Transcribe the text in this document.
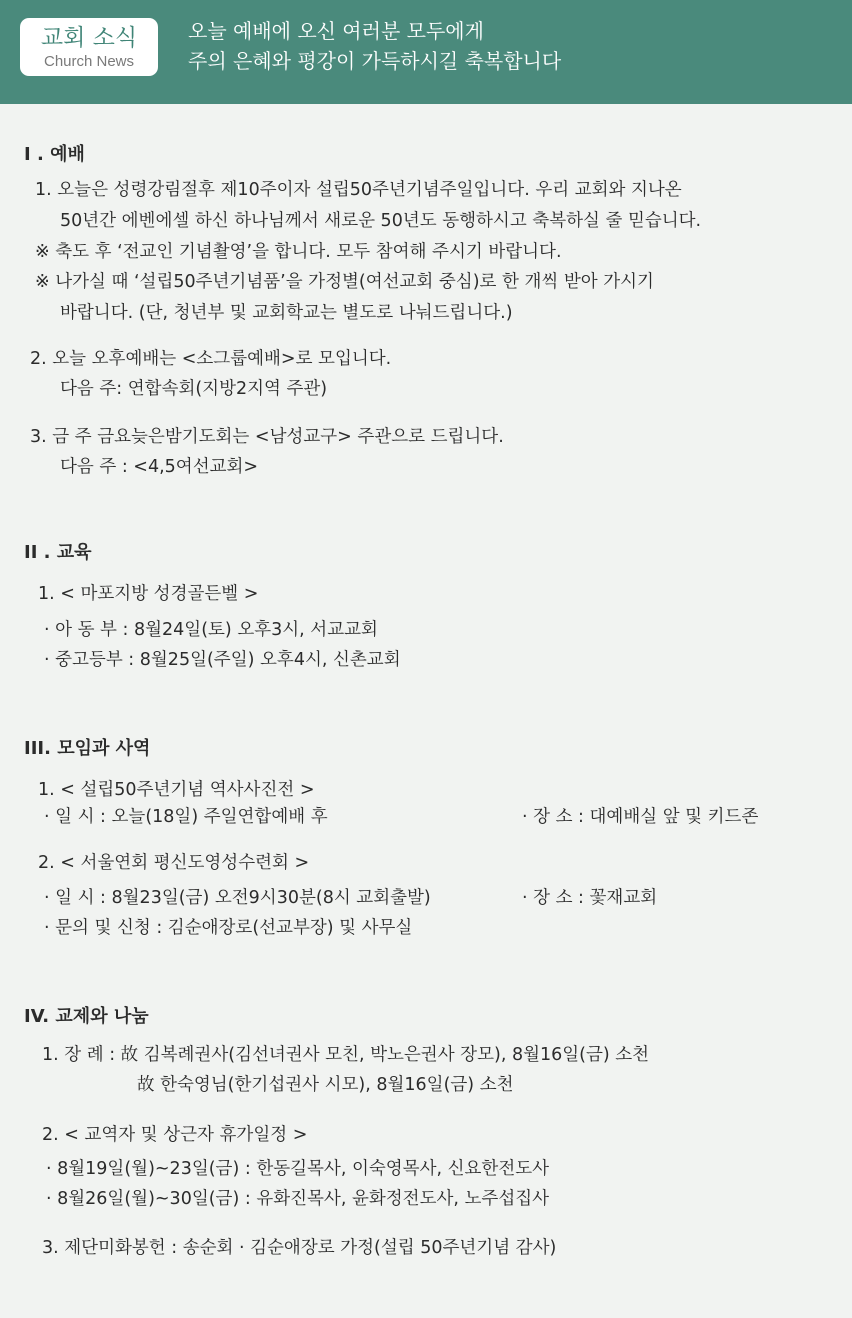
교회 소식
Church News
오늘 예배에 오신 여러분 모두에게
주의 은혜와 평강이 가득하시길 축복합니다
I . 예배
1. 오늘은 성령강림절후 제10주이자 설립50주년기념주일입니다. 우리 교회와 지나온
50년간 에벤에셀 하신 하나님께서 새로운 50년도 동행하시고 축복하실 줄 믿습니다.
※ 축도 후 ‘전교인 기념촬영’을 합니다. 모두 참여해 주시기 바랍니다.
※ 나가실 때 ‘설립50주년기념품’을 가정별(여선교회 중심)로 한 개씩 받아 가시기
바랍니다. (단, 청년부 및 교회학교는 별도로 나눠드립니다.)
2. 오늘 오후예배는 <소그룹예배>로 모입니다.
다음 주: 연합속회(지방2지역 주관)
3. 금 주 금요늦은밤기도회는 <남성교구> 주관으로 드립니다.
다음 주 : <4,5여선교회>
II . 교육
1. < 마포지방 성경골든벨 >
· 아 동 부 : 8월24일(토) 오후3시, 서교교회
· 중고등부 : 8월25일(주일) 오후4시, 신촌교회
III. 모임과 사역
1. < 설립50주년기념 역사사진전 >
· 일 시 : 오늘(18일) 주일연합예배 후	· 장 소 : 대예배실 앞 및 키드존
2. < 서울연회 평신도영성수련회 >
· 일 시 : 8월23일(금) 오전9시30분(8시 교회출발)	· 장 소 : 꽃재교회
· 문의 및 신청 : 김순애장로(선교부장) 및 사무실
IV. 교제와 나눔
1. 장 례 : 故 김복례권사(김선녀권사 모친, 박노은권사 장모), 8월16일(금) 소천
故 한숙영님(한기섭권사 시모), 8월16일(금) 소천
2. < 교역자 및 상근자 휴가일정 >
· 8월19일(월)~23일(금) : 한동길목사, 이숙영목사, 신요한전도사
· 8월26일(월)~30일(금) : 유화진목사, 윤화정전도사, 노주섭집사
3. 제단미화봉헌 : 송순회 · 김순애장로 가정(설립 50주년기념 감사)
